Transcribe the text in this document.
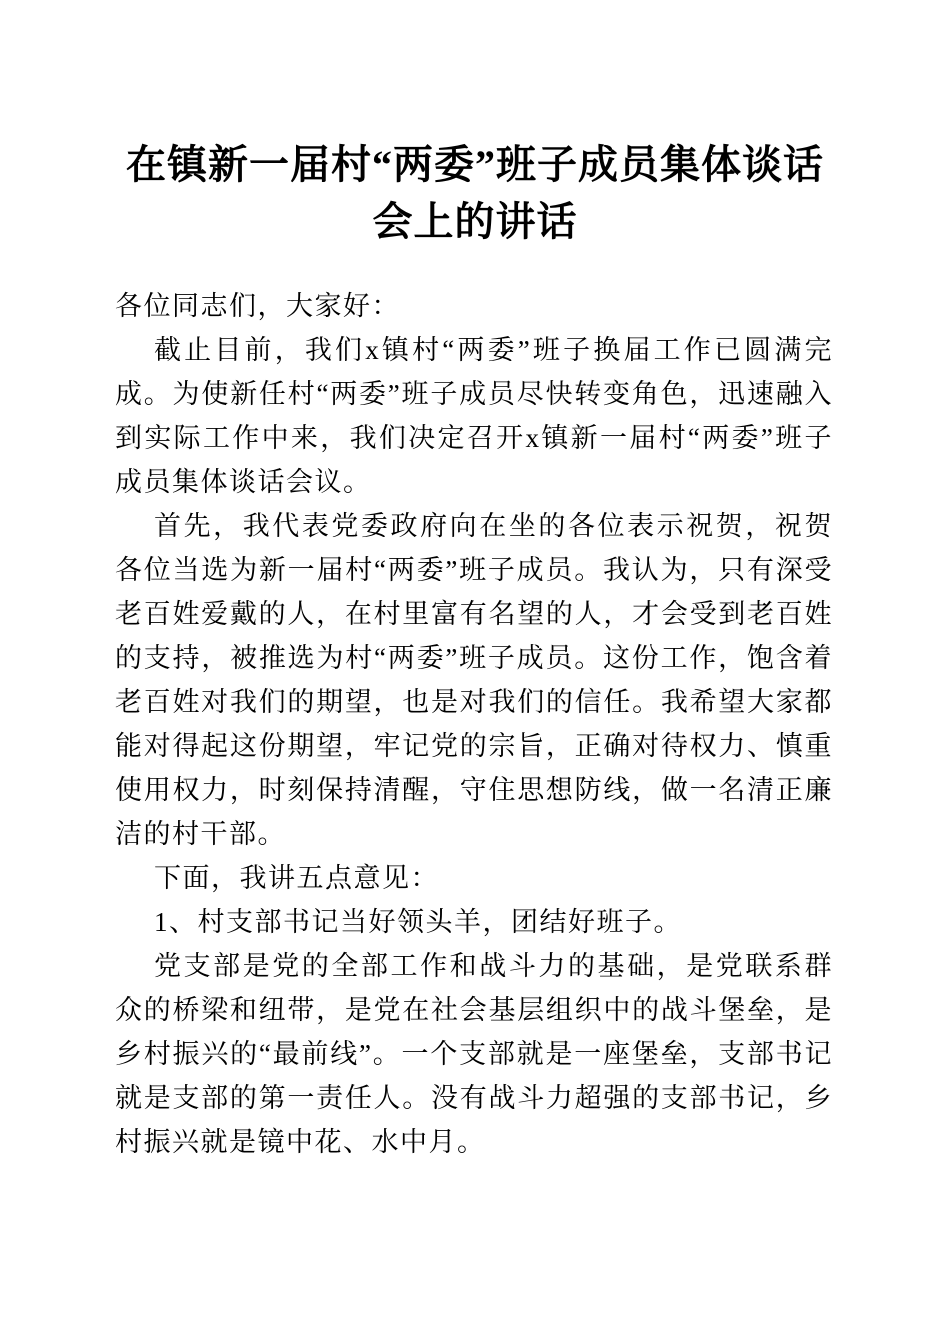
在镇新一届村“两委”班子成员集体谈话会上的讲话

各位同志们，大家好：

截止目前，我们x镇村“两委”班子换届工作已圆满完成。为使新任村“两委”班子成员尽快转变角色，迅速融入到实际工作中来，我们决定召开x镇新一届村“两委”班子成员集体谈话会议。

首先，我代表党委政府向在坐的各位表示祝贺，祝贺各位当选为新一届村“两委”班子成员。我认为，只有深受老百姓爱戴的人，在村里富有名望的人，才会受到老百姓的支持，被推选为村“两委”班子成员。这份工作，饱含着老百姓对我们的期望，也是对我们的信任。我希望大家都能对得起这份期望，牢记党的宗旨，正确对待权力、慎重使用权力，时刻保持清醒，守住思想防线，做一名清正廉洁的村干部。

下面，我讲五点意见：

1、村支部书记当好领头羊，团结好班子。

党支部是党的全部工作和战斗力的基础，是党联系群众的桥梁和纽带，是党在社会基层组织中的战斗堡垒，是乡村振兴的“最前线”。一个支部就是一座堡垒，支部书记就是支部的第一责任人。没有战斗力超强的支部书记，乡村振兴就是镜中花、水中月。
